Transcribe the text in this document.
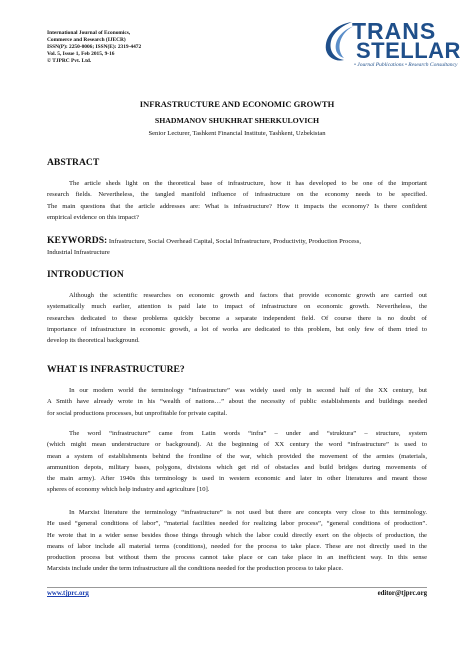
International Journal of Economics,
Commerce and Research (IJECR)
ISSN(P): 2250-0006; ISSN(E): 2319-4472
Vol. 5, Issue 1, Feb 2015, 9-16
© TJPRC Pvt. Ltd.
TRANS
STELLAR
• Journal Publications • Research Consultancy
INFRASTRUCTURE AND ECONOMIC GROWTH
SHADMANOV SHUKHRAT SHERKULOVICH
Senior Lecturer, Tashkent Financial Institute, Tashkent, Uzbekistan
ABSTRACT
The article sheds light on the theoretical base of infrastructure, how it has developed to be one of the important
research fields. Nevertheless, the tangled manifold influence of infrastructure on the economy needs to be specified.
The main questions that the article addresses are: What is infrastructure? How it impacts the economy? Is there confident
empirical evidence on this impact?
KEYWORDS: Infrastructure, Social Overhead Capital, Social Infrastructure, Productivity, Production Process,
Industrial Infrastructure
INTRODUCTION
Although the scientific researches on economic growth and factors that provide economic growth are carried out
systematically much earlier, attention is paid late to impact of infrastructure on economic growth. Nevertheless, the
researches dedicated to these problems quickly become a separate independent field. Of course there is no doubt of
importance of infrastructure in economic growth, a lot of works are dedicated to this problem, but only few of them tried to
develop its theoretical background.
WHAT IS INFRASTRUCTURE?
In our modern world the terminology “infrastructure” was widely used only in second half of the XX century, but
A Smith have already wrote in his “wealth of nations…” about the necessity of public establishments and buildings needed
for social productions processes, but unprofitable for private capital.
The word “infrastructure” came from Latin words “infra” – under and “struktura” – structure, system
(which might mean understructure or background). At the beginning of XX century the word “infrastructure” is used to
mean a system of establishments behind the frontline of the war, which provided the movement of the armies (materials,
ammunition depots, military bases, polygons, divisions which get rid of obstacles and build bridges during movements of
the main army). After 1940s this terminology is used in western economic and later in other literatures and meant those
spheres of economy which help industry and agriculture [10].
In Marxist literature the terminology “infrastructure” is not used but there are concepts very close to this terminology.
He used “general conditions of labor”, “material facilities needed for realizing labor process”, “general conditions of production”.
He wrote that in a wider sense besides those things through which the labor could directly exert on the objects of production, the
means of labor include all material terms (conditions), needed for the process to take place. These are not directly used in the
production process but without them the process cannot take place or can take place in an inefficient way. In this sense
Marxists include under the term infrastructure all the conditions needed for the production process to take place.
www.tjprc.org	editor@tjprc.org
